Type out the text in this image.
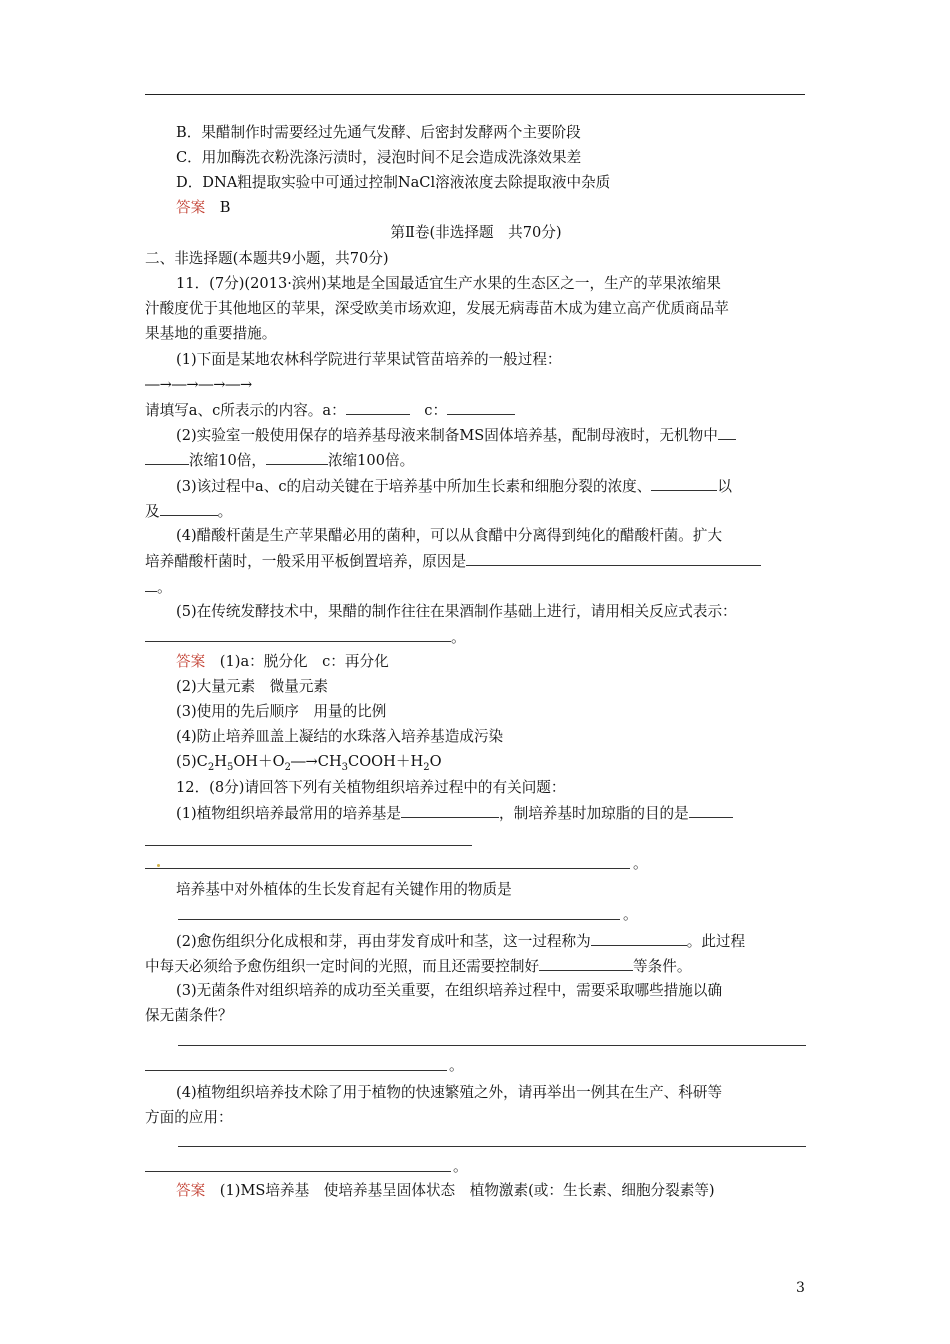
B．果醋制作时需要经过先通气发酵、后密封发酵两个主要阶段
C．用加酶洗衣粉洗涤污渍时，浸泡时间不足会造成洗涤效果差
D．DNA粗提取实验中可通过控制NaCl溶液浓度去除提取液中杂质
答案  B
第Ⅱ卷(非选择题　共70分)
二、非选择题(本题共9小题，共70分)
11．(7分)(2013·滨州)某地是全国最适宜生产水果的生态区之一，生产的苹果浓缩果
汁酸度优于其他地区的苹果，深受欧美市场欢迎，发展无病毒苗木成为建立高产优质商品苹
果基地的重要措施。
(1)下面是某地农林科学院进行苹果试管苗培养的一般过程：
―→―→―→―→
请填写a、c所表示的内容。a： 	c：
(2)实验室一般使用保存的培养基母液来制备MS固体培养基，配制母液时，无机物中
浓缩10倍，	浓缩100倍。
(3)该过程中a、c的启动关键在于培养基中所加生长素和细胞分裂的浓度、	以
及	。
(4)醋酸杆菌是生产苹果醋必用的菌种，可以从食醋中分离得到纯化的醋酸杆菌。扩大
培养醋酸杆菌时，一般采用平板倒置培养，原因是
。
(5)在传统发酵技术中，果醋的制作往往在果酒制作基础上进行，请用相关反应式表示：
。
答案  (1)a：脱分化　c：再分化
(2)大量元素　微量元素
(3)使用的先后顺序　用量的比例
(4)防止培养皿盖上凝结的水珠落入培养基造成污染
$(5)C_2H_5OH+O_2―\to CH_3COOH+H_2O$
12．(8分)请回答下列有关植物组织培养过程中的有关问题：
(1)植物组织培养最常用的培养基是	，制培养基时加琼脂的目的是
。
培养基中对外植体的生长发育起有关键作用的物质是
。
(2)愈伤组织分化成根和芽，再由芽发育成叶和茎，这一过程称为	。此过程
中每天必须给予愈伤组织一定时间的光照，而且还需要控制好	等条件。
(3)无菌条件对组织培养的成功至关重要，在组织培养过程中，需要采取哪些措施以确
保无菌条件？
。
(4)植物组织培养技术除了用于植物的快速繁殖之外，请再举出一例其在生产、科研等
方面的应用：
。
答案  (1)MS培养基　使培养基呈固体状态　植物激素(或：生长素、细胞分裂素等)
3
